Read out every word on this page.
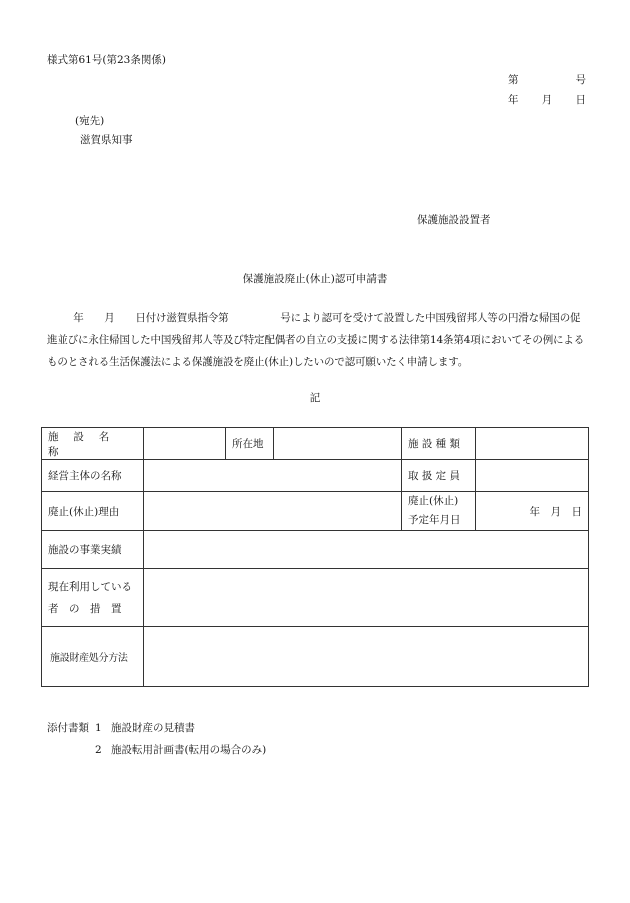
様式第61号(第23条関係)
第	号
年 月 日
(宛先)
滋賀県知事
保護施設設置者
保護施設廃止(休止)認可申請書
年　　月　　日付け滋賀県指令第　　　　　号により認可を受けて設置した中国残留邦人等の円滑な帰国の促進並びに永住帰国した中国残留邦人等及び特定配偶者の自立の支援に関する法律第14条第4項においてその例によるものとされる生活保護法による保護施設を廃止(休止)したいので認可願いたく申請します。
記
施 設 名 称		所在地		施 設 種 類	
経営主体の名称				取 扱 定 員	
廃止(休止)理由				廃止(休止)
予定年月日	年　月　日
施設の事業実績					

現在利用している
者　の　措　置					

施設財産処分方法					
添付書類 1 施設財産の見積書
2 施設転用計画書(転用の場合のみ)
